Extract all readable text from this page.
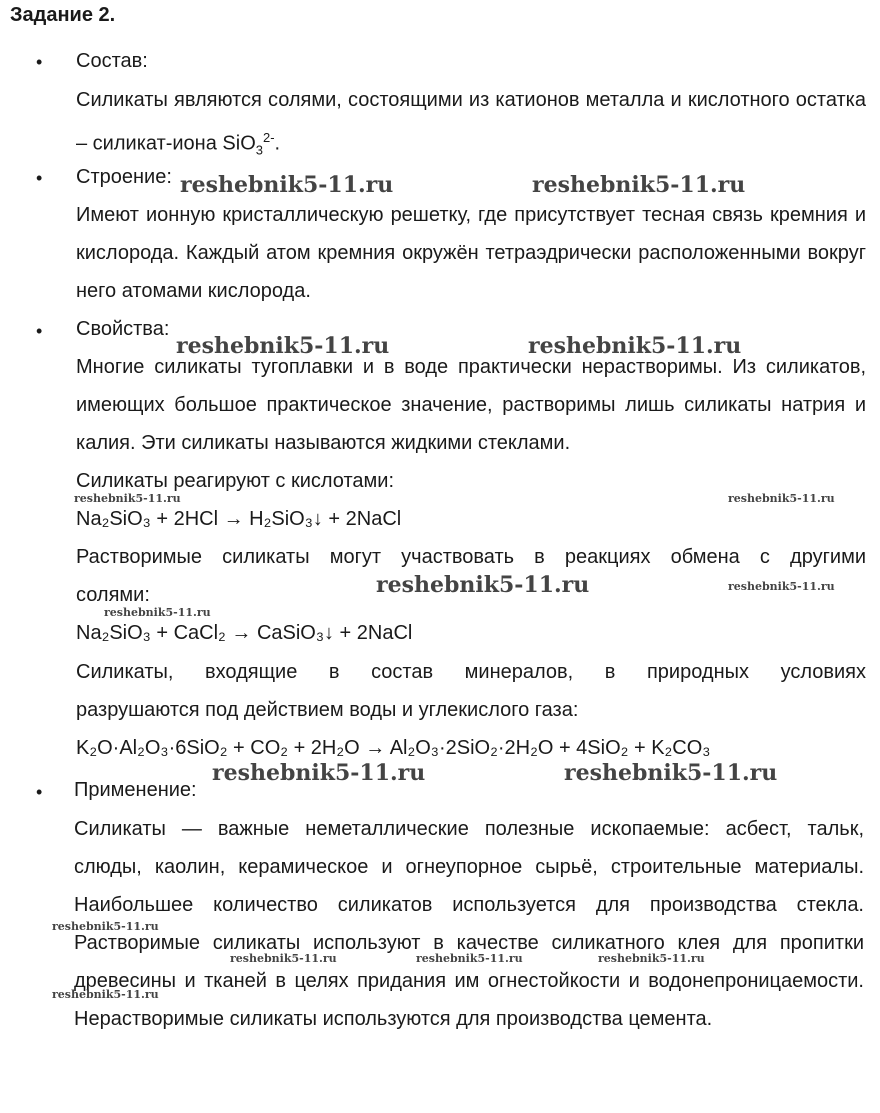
Задание 2.
• Состав:
Силикаты являются солями, состоящими из катионов металла и кислотного остатка – силикат-иона SiO$_3^{2-}$.
• Строение:
Имеют ионную кристаллическую решетку, где присутствует тесная связь кремния и кислорода. Каждый атом кремния окружён тетраэдрически расположенными вокруг него атомами кислорода.
• Свойства:
Многие силикаты тугоплавки и в воде практически нерастворимы. Из силикатов, имеющих большое практическое значение, растворимы лишь силикаты натрия и калия. Эти силикаты называются жидкими стеклами.
Силикаты реагируют с кислотами:
Na₂SiO₃ + 2HCl → H₂SiO₃↓ + 2NaCl
Растворимые силикаты могут участвовать в реакциях обмена с другими
солями:
Na₂SiO₃ + CaCl₂ → CaSiO₃↓ + 2NaCl
Силикаты, входящие в состав минералов, в природных условиях
разрушаются под действием воды и углекислого газа:
K₂O·Al₂O₃·6SiO₂ + CO₂ + 2H₂O → Al₂O₃·2SiO₂·2H₂O + 4SiO₂ + K₂CO₃
• Применение:
Силикаты — важные неметаллические полезные ископаемые: асбест, тальк, слюды, каолин, керамическое и огнеупорное сырьё, строительные материалы. Наибольшее количество силикатов используется для производства стекла. Растворимые силикаты используют в качестве силикатного клея для пропитки древесины и тканей в целях придания им огнестойкости и водонепроницаемости. Нерастворимые силикаты используются для производства цемента.
reshebnik5-11.ru	reshebnik5-11.ru
reshebnik5-11.ru	reshebnik5-11.ru
reshebnik5-11.ru	reshebnik5-11.ru
reshebnik5-11.ru	reshebnik5-11.ru
reshebnik5-11.ru
reshebnik5-11.ru	reshebnik5-11.ru
reshebnik5-11.ru
reshebnik5-11.ru	reshebnik5-11.ru	reshebnik5-11.ru
reshebnik5-11.ru
